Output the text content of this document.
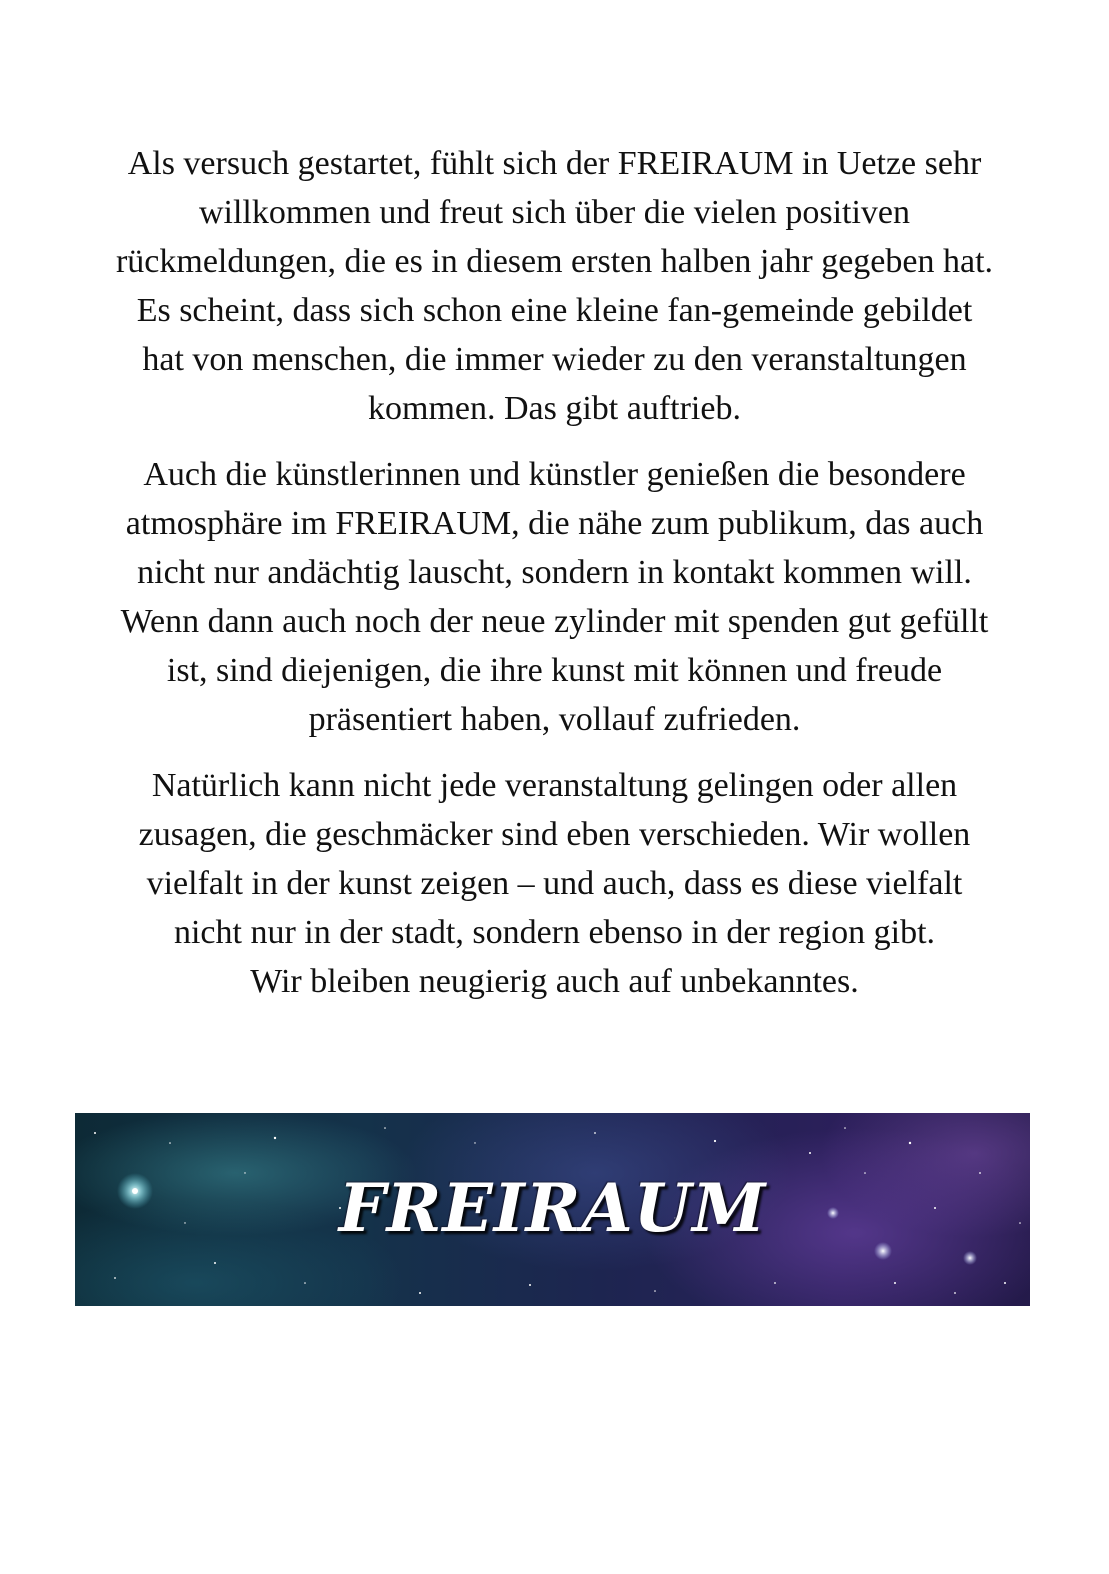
Als versuch gestartet, fühlt sich der FREIRAUM in Uetze sehr
willkommen und freut sich über die vielen positiven
rückmeldungen, die es in diesem ersten halben jahr gegeben hat.
Es scheint, dass sich schon eine kleine fan-gemeinde gebildet
hat von menschen, die immer wieder zu den veranstaltungen
kommen. Das gibt auftrieb.

Auch die künstlerinnen und künstler genießen die besondere
atmosphäre im FREIRAUM, die nähe zum publikum, das auch
nicht nur andächtig lauscht, sondern in kontakt kommen will.
Wenn dann auch noch der neue zylinder mit spenden gut gefüllt
ist, sind diejenigen, die ihre kunst mit können und freude
präsentiert haben, vollauf zufrieden.

Natürlich kann nicht jede veranstaltung gelingen oder allen
zusagen, die geschmäcker sind eben verschieden. Wir wollen
vielfalt in der kunst zeigen – und auch, dass es diese vielfalt
nicht nur in der stadt, sondern ebenso in der region gibt.
Wir bleiben neugierig auch auf unbekanntes.

FREIRAUM
